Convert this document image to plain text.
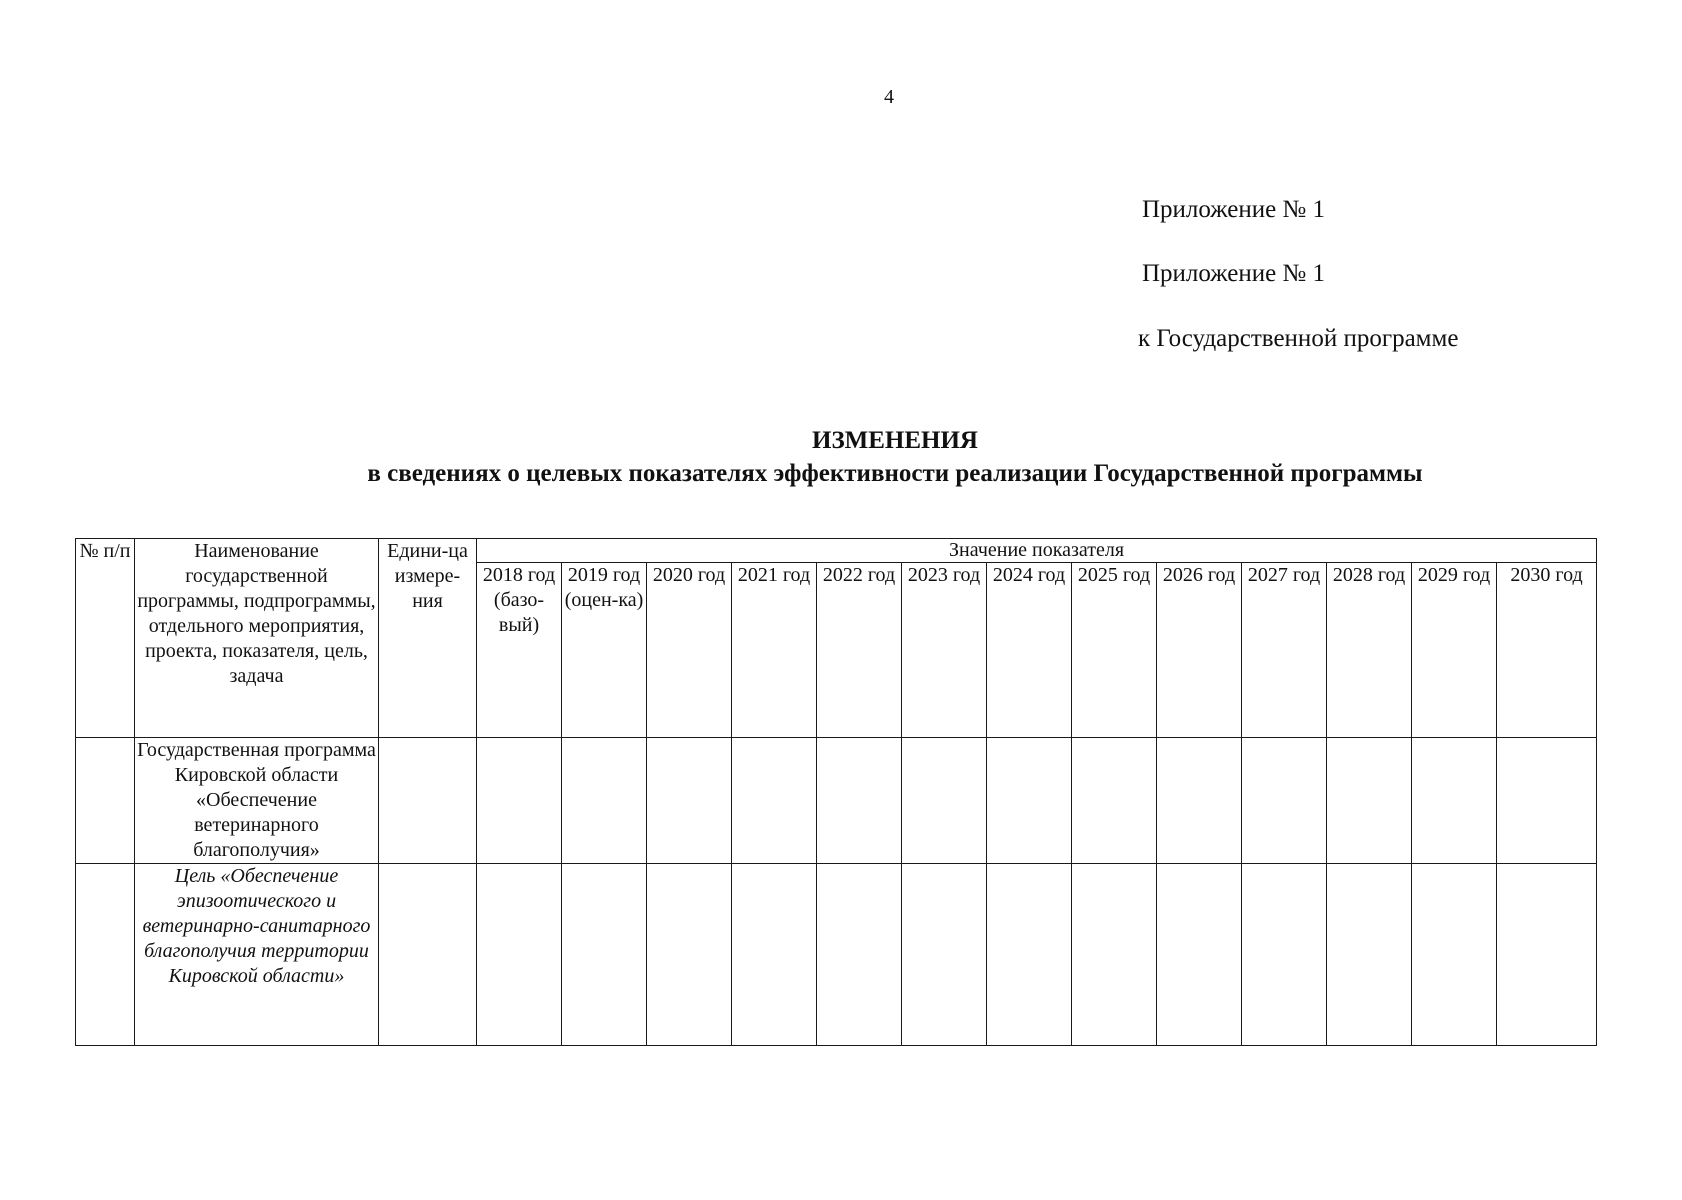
4
Приложение № 1
Приложение № 1
к Государственной программе
ИЗМЕНЕНИЯ
в сведениях о целевых показателях эффективности реализации Государственной программы
№ п/п	Наименование государственной программы, подпрограммы, отдельного мероприятия, проекта, показателя, цель, задача	Едини-ца измере-ния	Значение показателя												
			2018 год (базо-вый)	2019 год (оцен-ка)	2020 год	2021 год	2022 год	2023 год	2024 год	2025 год	2026 год	2027 год	2028 год	2029 год	2030 год
	Государственная программа Кировской области «Обеспечение ветеринарного благополучия»														
	Цель «Обеспечение эпизоотического и ветеринарно-санитарного благополучия территории Кировской области»														
